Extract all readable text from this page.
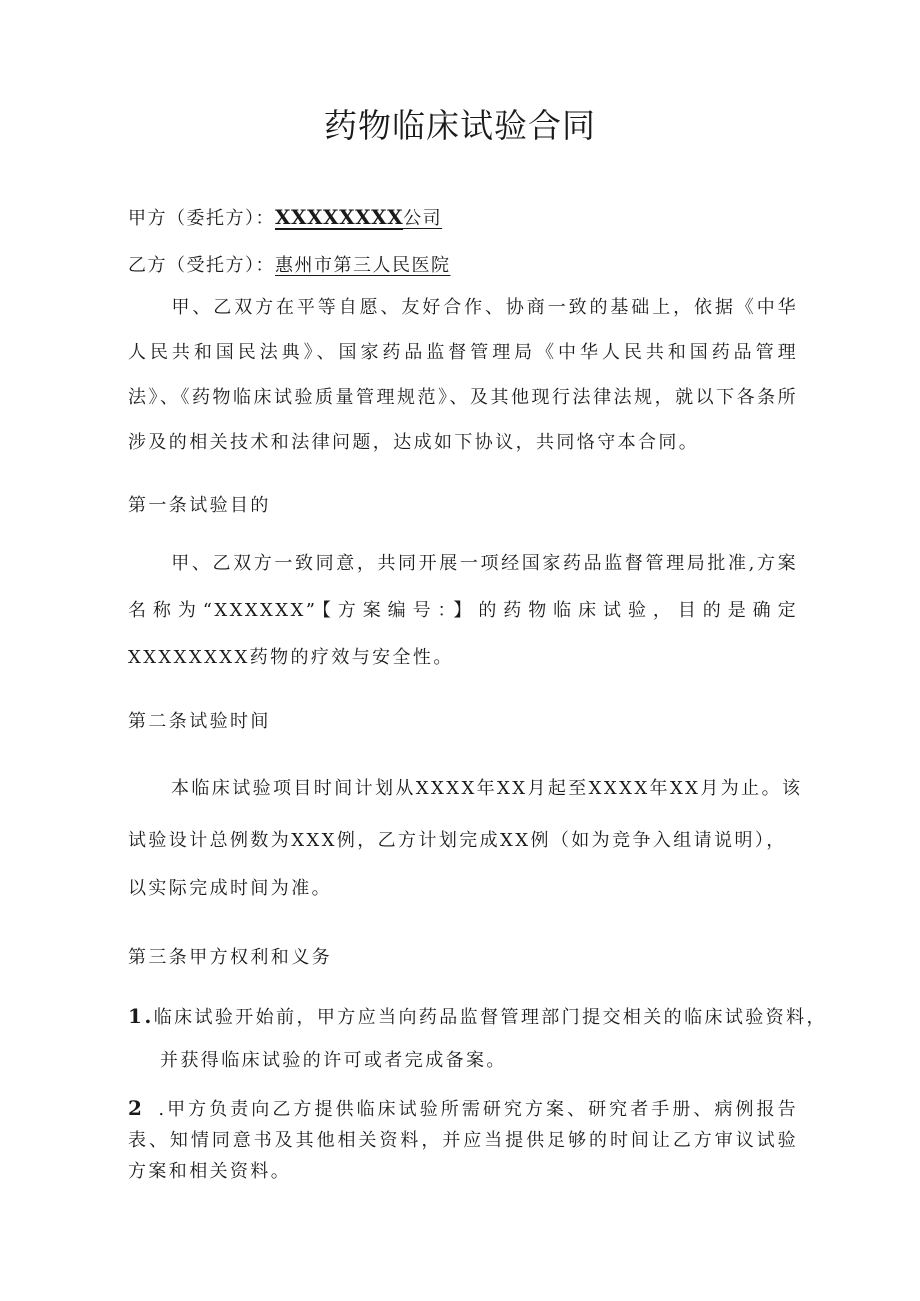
药物临床试验合同

甲方（委托方）：XXXXXXXX公司

乙方（受托方）：惠州市第三人民医院

甲、乙双方在平等自愿、友好合作、协商一致的基础上，依据《中华人民共和国民法典》、国家药品监督管理局《中华人民共和国药品管理法》、《药物临床试验质量管理规范》、及其他现行法律法规，就以下各条所涉及的相关技术和法律问题，达成如下协议，共同恪守本合同。

第一条试验目的

甲、乙双方一致同意，共同开展一项经国家药品监督管理局批准,方案名称为“XXXXXX”【方案编号：】的药物临床试验，目的是确定XXXXXXXX药物的疗效与安全性。

第二条试验时间

本临床试验项目时间计划从XXXX年XX月起至XXXX年XX月为止。该

试验设计总例数为XXX例，乙方计划完成XX例（如为竞争入组请说明），

以实际完成时间为准。

第三条甲方权利和义务

1.临床试验开始前，甲方应当向药品监督管理部门提交相关的临床试验资料，

并获得临床试验的许可或者完成备案。

2 .甲方负责向乙方提供临床试验所需研究方案、研究者手册、病例报告表、知情同意书及其他相关资料，并应当提供足够的时间让乙方审议试验方案和相关资料。
